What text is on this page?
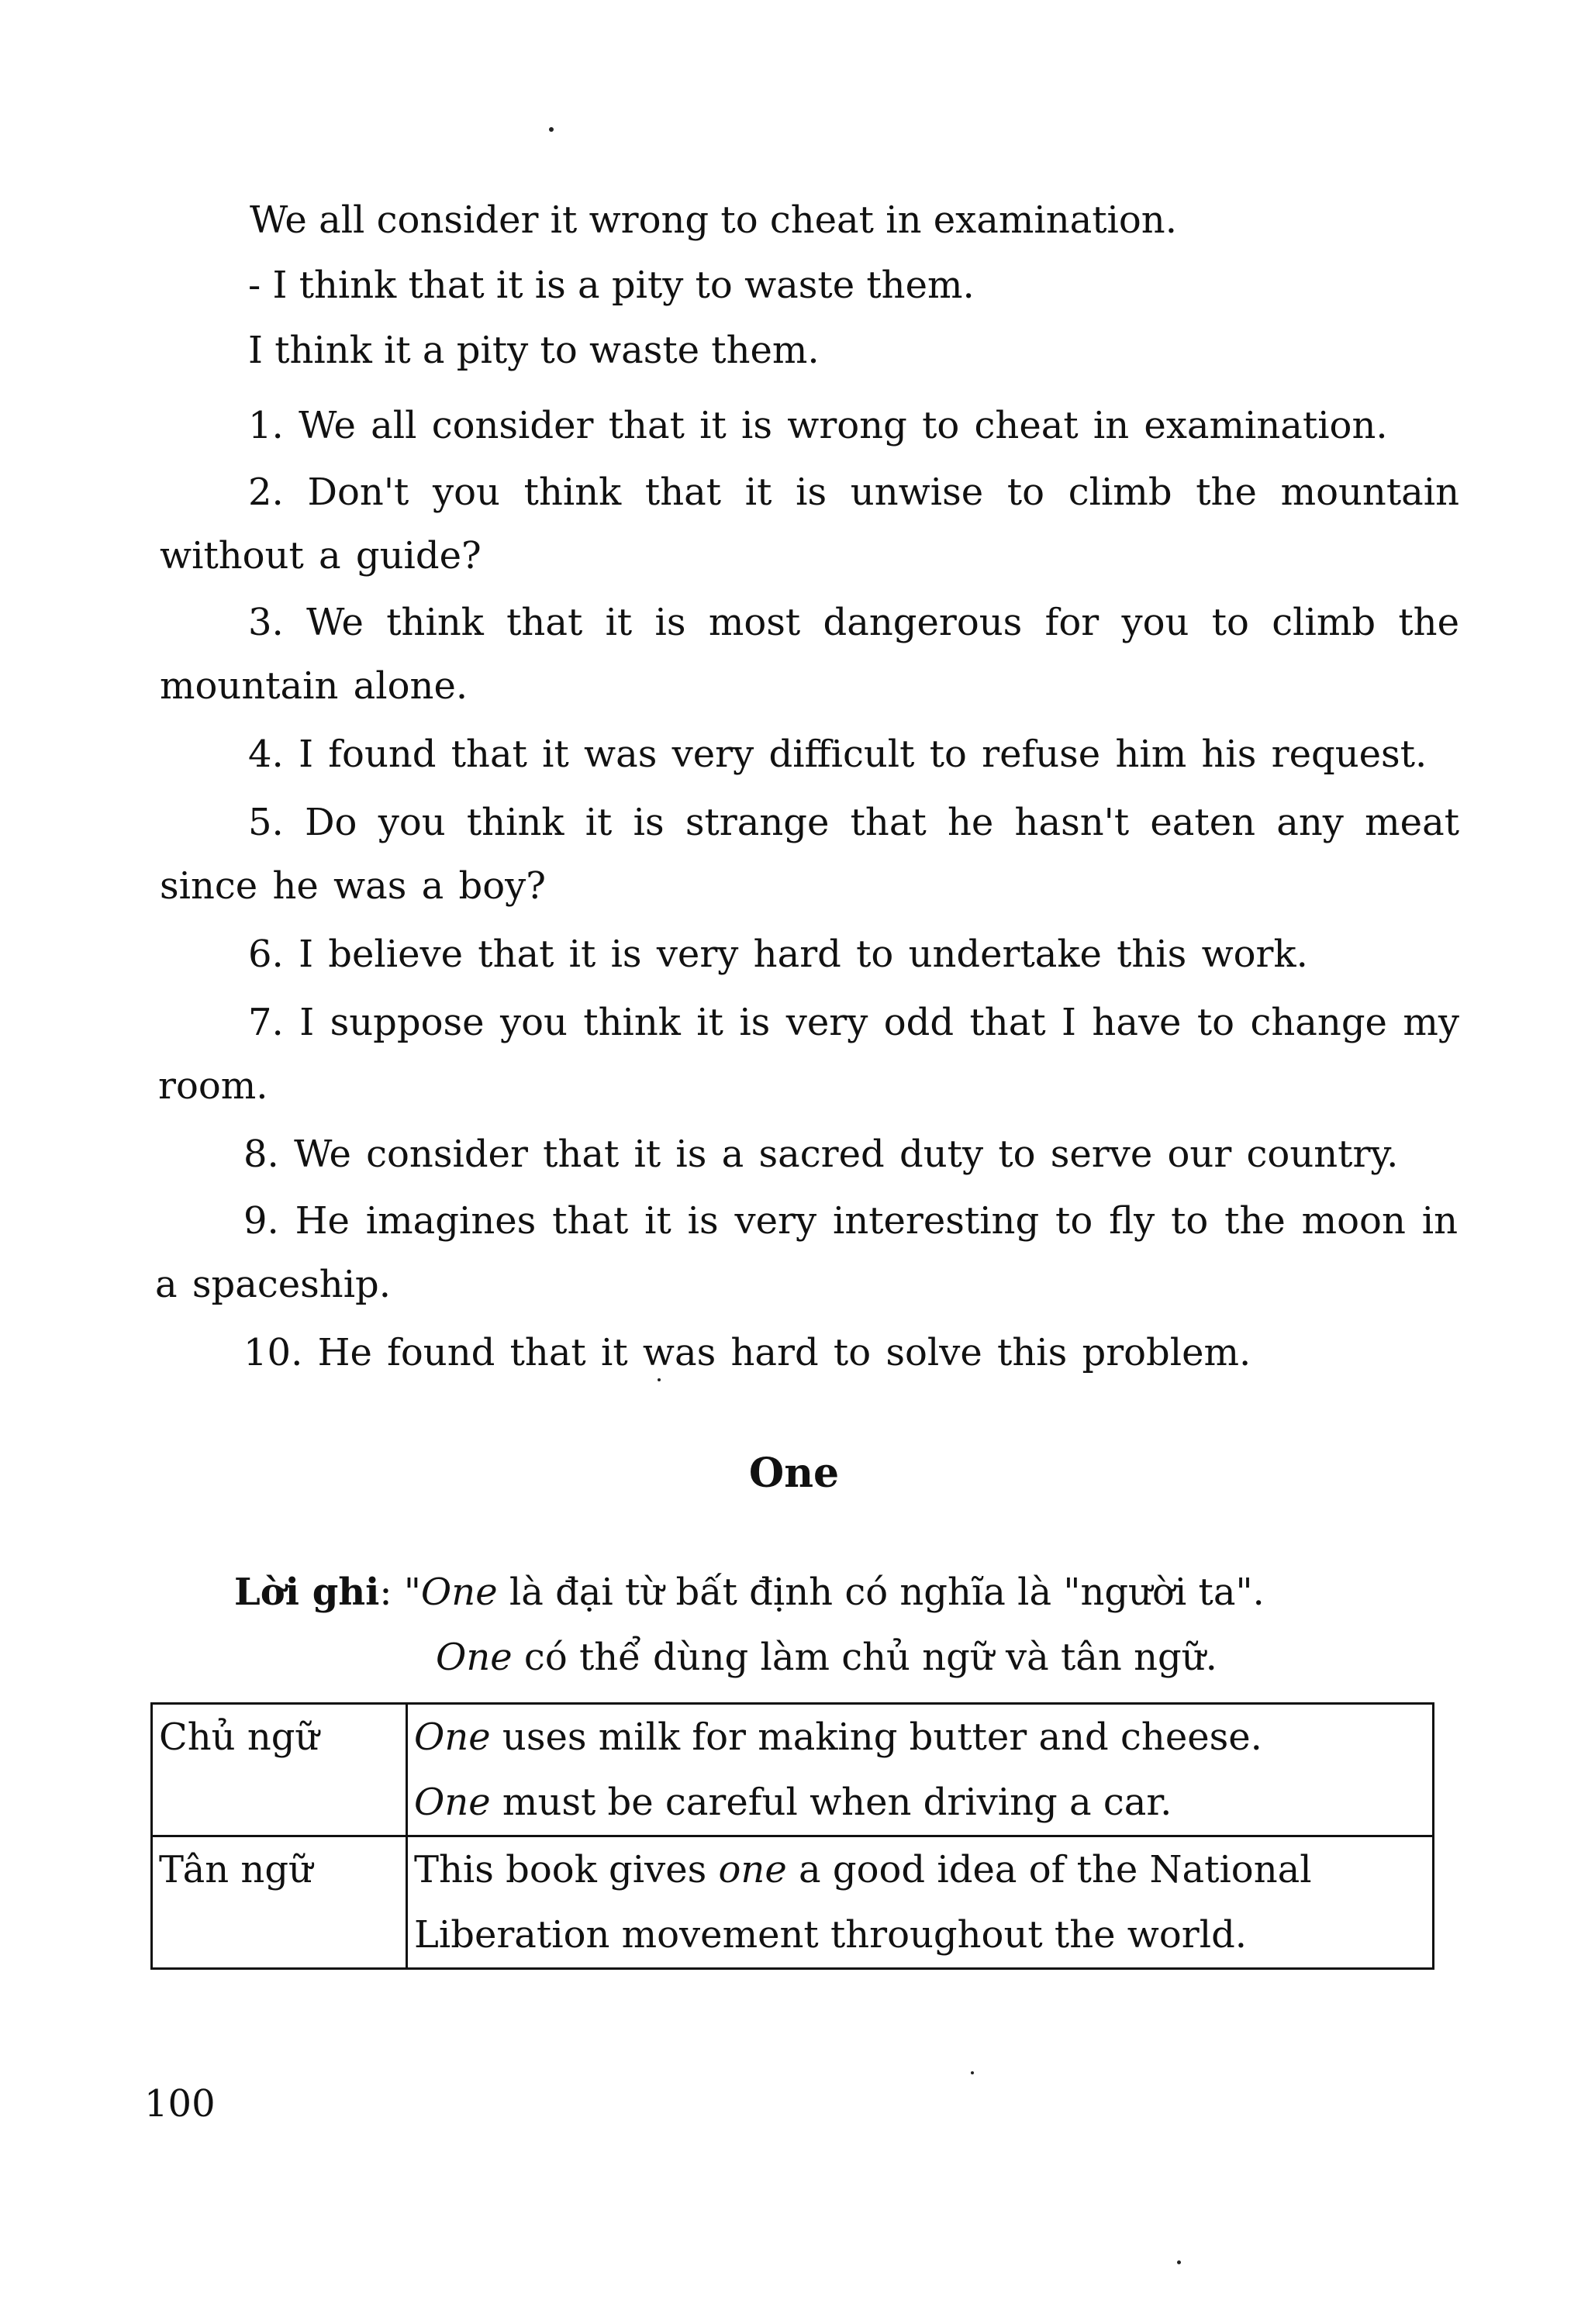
We all consider it wrong to cheat in examination.
- I think that it is a pity to waste them.
I think it a pity to waste them.
1. We all consider that it is wrong to cheat in examination.
2. Don't you think that it is unwise to climb the mountain without a guide?
3. We think that it is most dangerous for you to climb the mountain alone.
4. I found that it was very difficult to refuse him his request.
5. Do you think it is strange that he hasn't eaten any meat since he was a boy?
6. I believe that it is very hard to undertake this work.
7. I suppose you think it is very odd that I have to change my room.
8. We consider that it is a sacred duty to serve our country.
9. He imagines that it is very interesting to fly to the moon in a spaceship.
10. He found that it was hard to solve this problem.
One
Lời ghi: "One là đại từ bất định có nghĩa là "người ta".
One có thể dùng làm chủ ngữ và tân ngữ.
Chủ ngữ	One uses milk for making butter and cheese.
One must be careful when driving a car.

Tân ngữ	This book gives one a good idea of the National Liberation movement throughout the world.
100
